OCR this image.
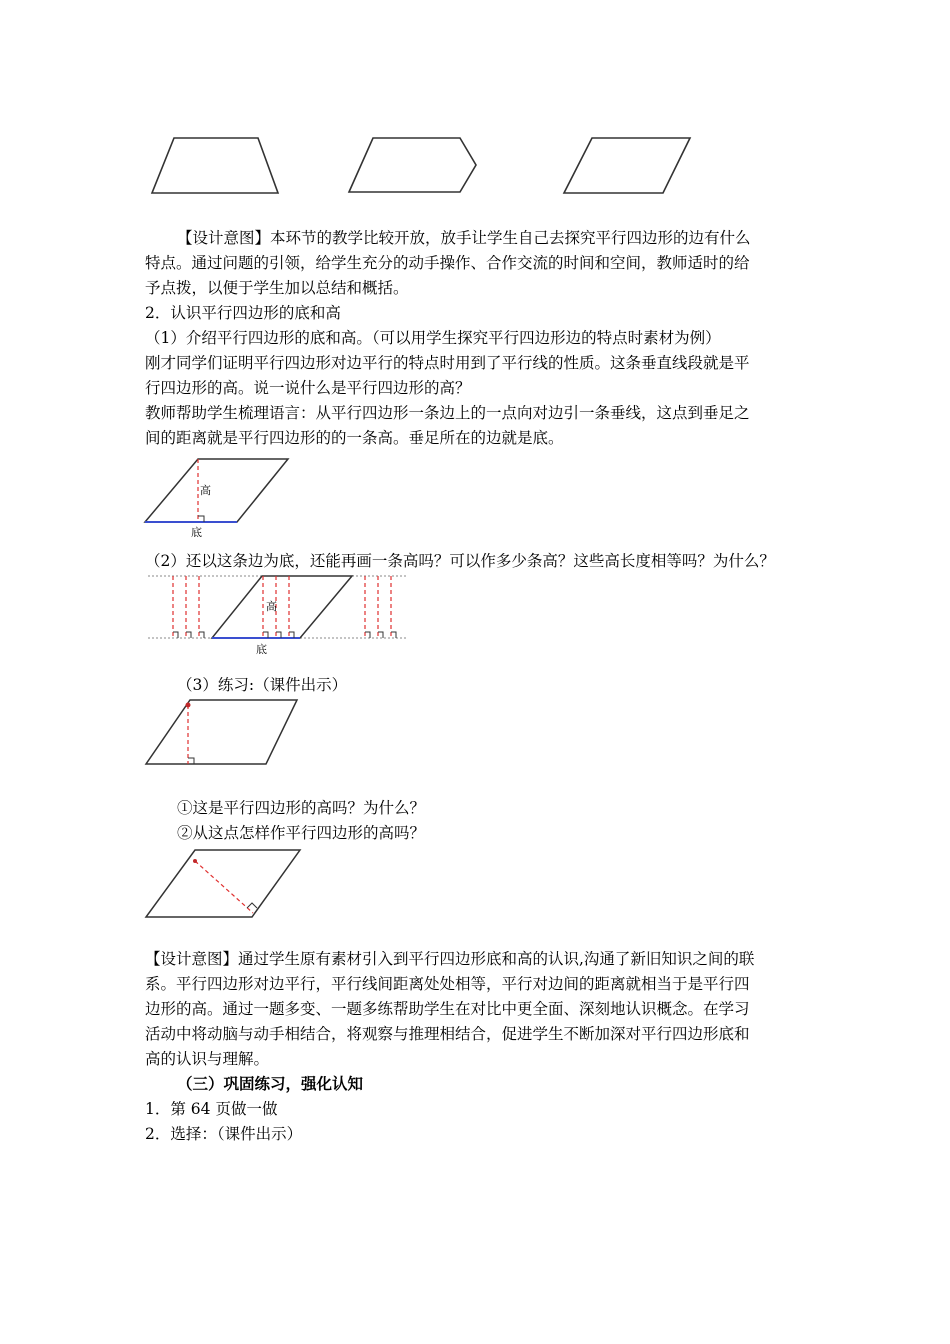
【设计意图】本环节的教学比较开放，放手让学生自己去探究平行四边形的边有什么
特点。通过问题的引领，给学生充分的动手操作、合作交流的时间和空间，教师适时的给
予点拨，以便于学生加以总结和概括。
2．认识平行四边形的底和高
（1）介绍平行四边形的底和高。（可以用学生探究平行四边形边的特点时素材为例）
刚才同学们证明平行四边形对边平行的特点时用到了平行线的性质。这条垂直线段就是平
行四边形的高。说一说什么是平行四边形的高？
教师帮助学生梳理语言：从平行四边形一条边上的一点向对边引一条垂线，这点到垂足之
间的距离就是平行四边形的的一条高。垂足所在的边就是底。
高
底
（2）还以这条边为底，还能再画一条高吗？可以作多少条高？这些高长度相等吗？为什么？
高
底
（3）练习:（课件出示）
①这是平行四边形的高吗？为什么？
②从这点怎样作平行四边形的高吗？
【设计意图】通过学生原有素材引入到平行四边形底和高的认识,沟通了新旧知识之间的联
系。平行四边形对边平行，平行线间距离处处相等，平行对边间的距离就相当于是平行四
边形的高。通过一题多变、一题多练帮助学生在对比中更全面、深刻地认识概念。在学习
活动中将动脑与动手相结合，将观察与推理相结合，促进学生不断加深对平行四边形底和
高的认识与理解。
（三）巩固练习，强化认知
1．第 64 页做一做
2．选择：（课件出示）
